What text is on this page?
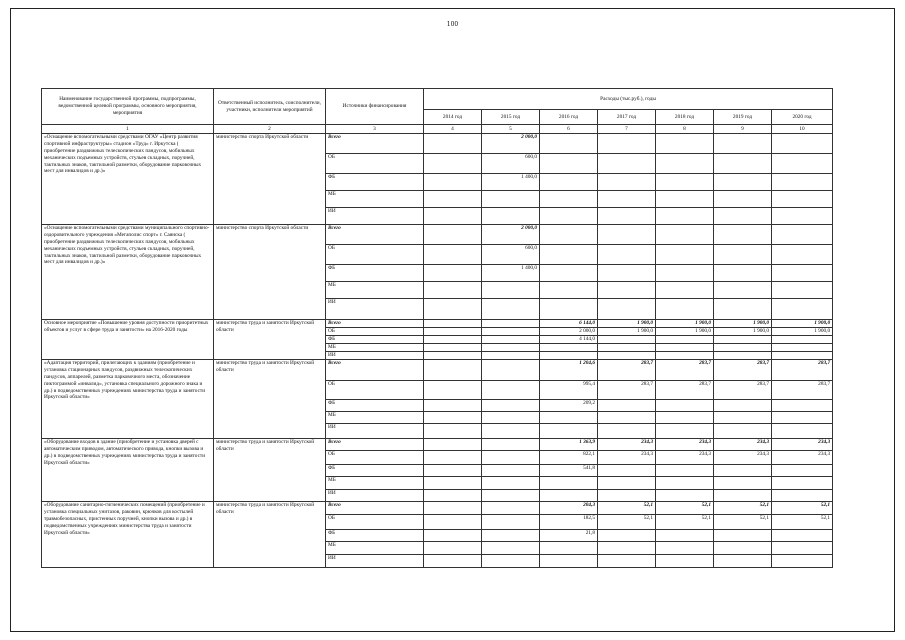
100
Наименование государственной программы, подпрограммы, ведомственной целевой программы, основного мероприятия, мероприятия	Ответственный исполнитель, соисполнители, участники, исполнители мероприятий	Источники финансирования	Расходы (тыс.руб.), годы						
			2014 год	2015 год	2016 год	2017 год	2018 год	2019 год	2020 год
1	2	3	4	5	6	7	8	9	10
«Оснащение вспомогательными средствами ОГАУ «Центр развития спортивной инфраструктуры» стадион «Труд» г. Иркутска ( приобретение раздвижных телескопических пандусов, мобильных механических подъемных устройств, стульев складных, поручней, тактильных знаков, тактильной разметки, оборудование парковочных мест для инвалидов и др.)»	министерство спорта Иркутской области	Всего		2 000,0					
		ОБ		600,0					
		ФБ		1 400,0					
		МБ							
		ИИ							
«Оснащение вспомогательными средствами муниципального спортивно-оздоровительного учреждения «Мегаполис спорт» г. Саянска ( приобретение раздвижных телескопических пандусов, мобильных механических подъемных устройств, стульев складных, поручней, тактильных знаков, тактильной разметки, оборудование парковочных мест для инвалидов и др.)»	министерство спорта Иркутской области	Всего		2 000,0					
		ОБ		600,0					
		ФБ		1 400,0					
		МБ							
		ИИ							
Основное мероприятие «Повышение уровня доступности приоритетных объектов и услуг в сфере труда и занятости» на 2016-2020 годы	министерство труда и занятости Иркутской области	Всего			6 144,0	1 900,0	1 900,0	1 900,0	1 900,0
		ОБ			2 000,0	1 900,0	1 900,0	1 900,0	1 900,0
		ФБ			4 144,0				
		МБ							
		ИИ							
«Адаптация территорий, прилегающих к зданиям (приобретение и установка стационарных пандусов, раздвижных телескопических пандусов, аппарелей, разметка парковочного места, обозначение пиктограммой «инвалид», установка специального дорожного знака и др.) в подведомственных учреждениях министерства труда и занятости Иркутской области»	министерство труда и занятости Иркутской области	Всего			1 204,6	283,7	283,7	283,7	283,7
		ОБ			995,4	283,7	283,7	283,7	283,7
		ФБ			209,2				
		МБ							
		ИИ							
«Оборудование входов в здание (приобретение и установка дверей с автоматическим приводом, автоматического привода, кнопки вызова и др.) в подведомственных учреждениях министерства труда и занятости Иркутской области»	министерство труда и занятости Иркутской области	Всего			1 363,9	234,3	234,3	234,3	234,3
		ОБ			822,1	234,3	234,3	234,3	234,3
		ФБ			541,8				
		МБ							
		ИИ							
«Оборудование санитарно-гигиенических помещений (приобретение и установка специальных унитазов, раковин, крючков для костылей травмобезопасных, пристенных поручней, кнопки вызова и др.) в подведомственных учреждениях министерства труда и занятости Иркутской области»	министерство труда и занятости Иркутской области	Всего			204,3	52,1	52,1	52,1	52,1
		ОБ			182,5	52,1	52,1	52,1	52,1
		ФБ			21,8				
		МБ							
		ИИ							
